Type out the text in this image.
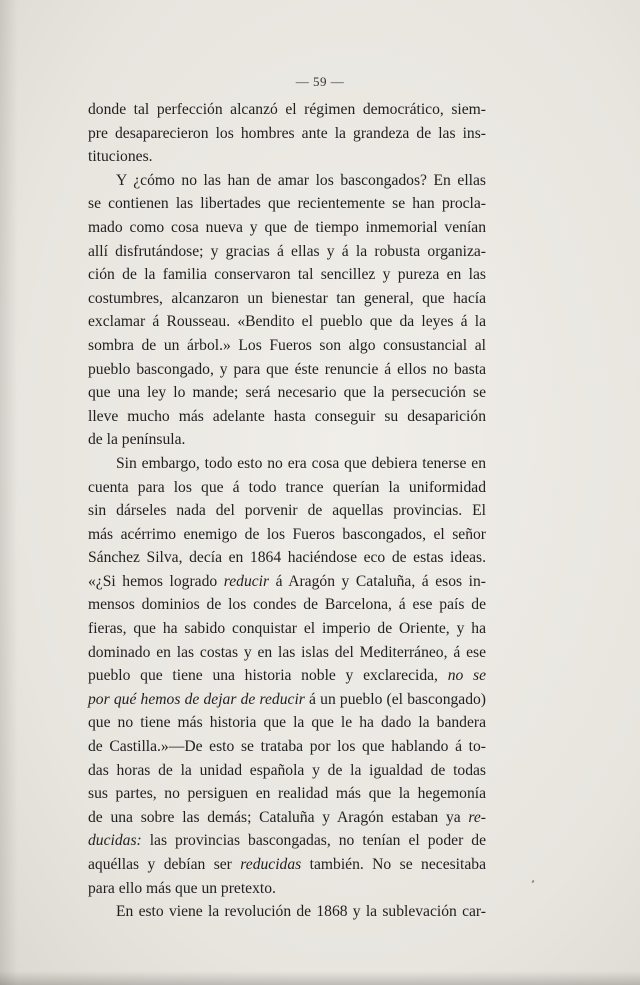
— 59 —
donde tal perfección alcanzó el régimen democrático, siem-
pre desaparecieron los hombres ante la grandeza de las ins-
tituciones.
Y ¿cómo no las han de amar los bascongados? En ellas
se contienen las libertades que recientemente se han procla-
mado como cosa nueva y que de tiempo inmemorial venían
allí disfrutándose; y gracias á ellas y á la robusta organiza-
ción de la familia conservaron tal sencillez y pureza en las
costumbres, alcanzaron un bienestar tan general, que hacía
exclamar á Rousseau. «Bendito el pueblo que da leyes á la
sombra de un árbol.» Los Fueros son algo consustancial al
pueblo bascongado, y para que éste renuncie á ellos no basta
que una ley lo mande; será necesario que la persecución se
lleve mucho más adelante hasta conseguir su desaparición
de la península.
Sin embargo, todo esto no era cosa que debiera tenerse en
cuenta para los que á todo trance querían la uniformidad
sin dárseles nada del porvenir de aquellas provincias. El
más acérrimo enemigo de los Fueros bascongados, el señor
Sánchez Silva, decía en 1864 haciéndose eco de estas ideas.
«¿Si hemos logrado reducir á Aragón y Cataluña, á esos in-
mensos dominios de los condes de Barcelona, á ese país de
fieras, que ha sabido conquistar el imperio de Oriente, y ha
dominado en las costas y en las islas del Mediterráneo, á ese
pueblo que tiene una historia noble y exclarecida, no se
por qué hemos de dejar de reducir á un pueblo (el bascongado)
que no tiene más historia que la que le ha dado la bandera
de Castilla.»—De esto se trataba por los que hablando á to-
das horas de la unidad española y de la igualdad de todas
sus partes, no persiguen en realidad más que la hegemonía
de una sobre las demás; Cataluña y Aragón estaban ya re-
ducidas: las provincias bascongadas, no tenían el poder de
aquéllas y debían ser reducidas también. No se necesitaba
para ello más que un pretexto.
En esto viene la revolución de 1868 y la sublevación car-
